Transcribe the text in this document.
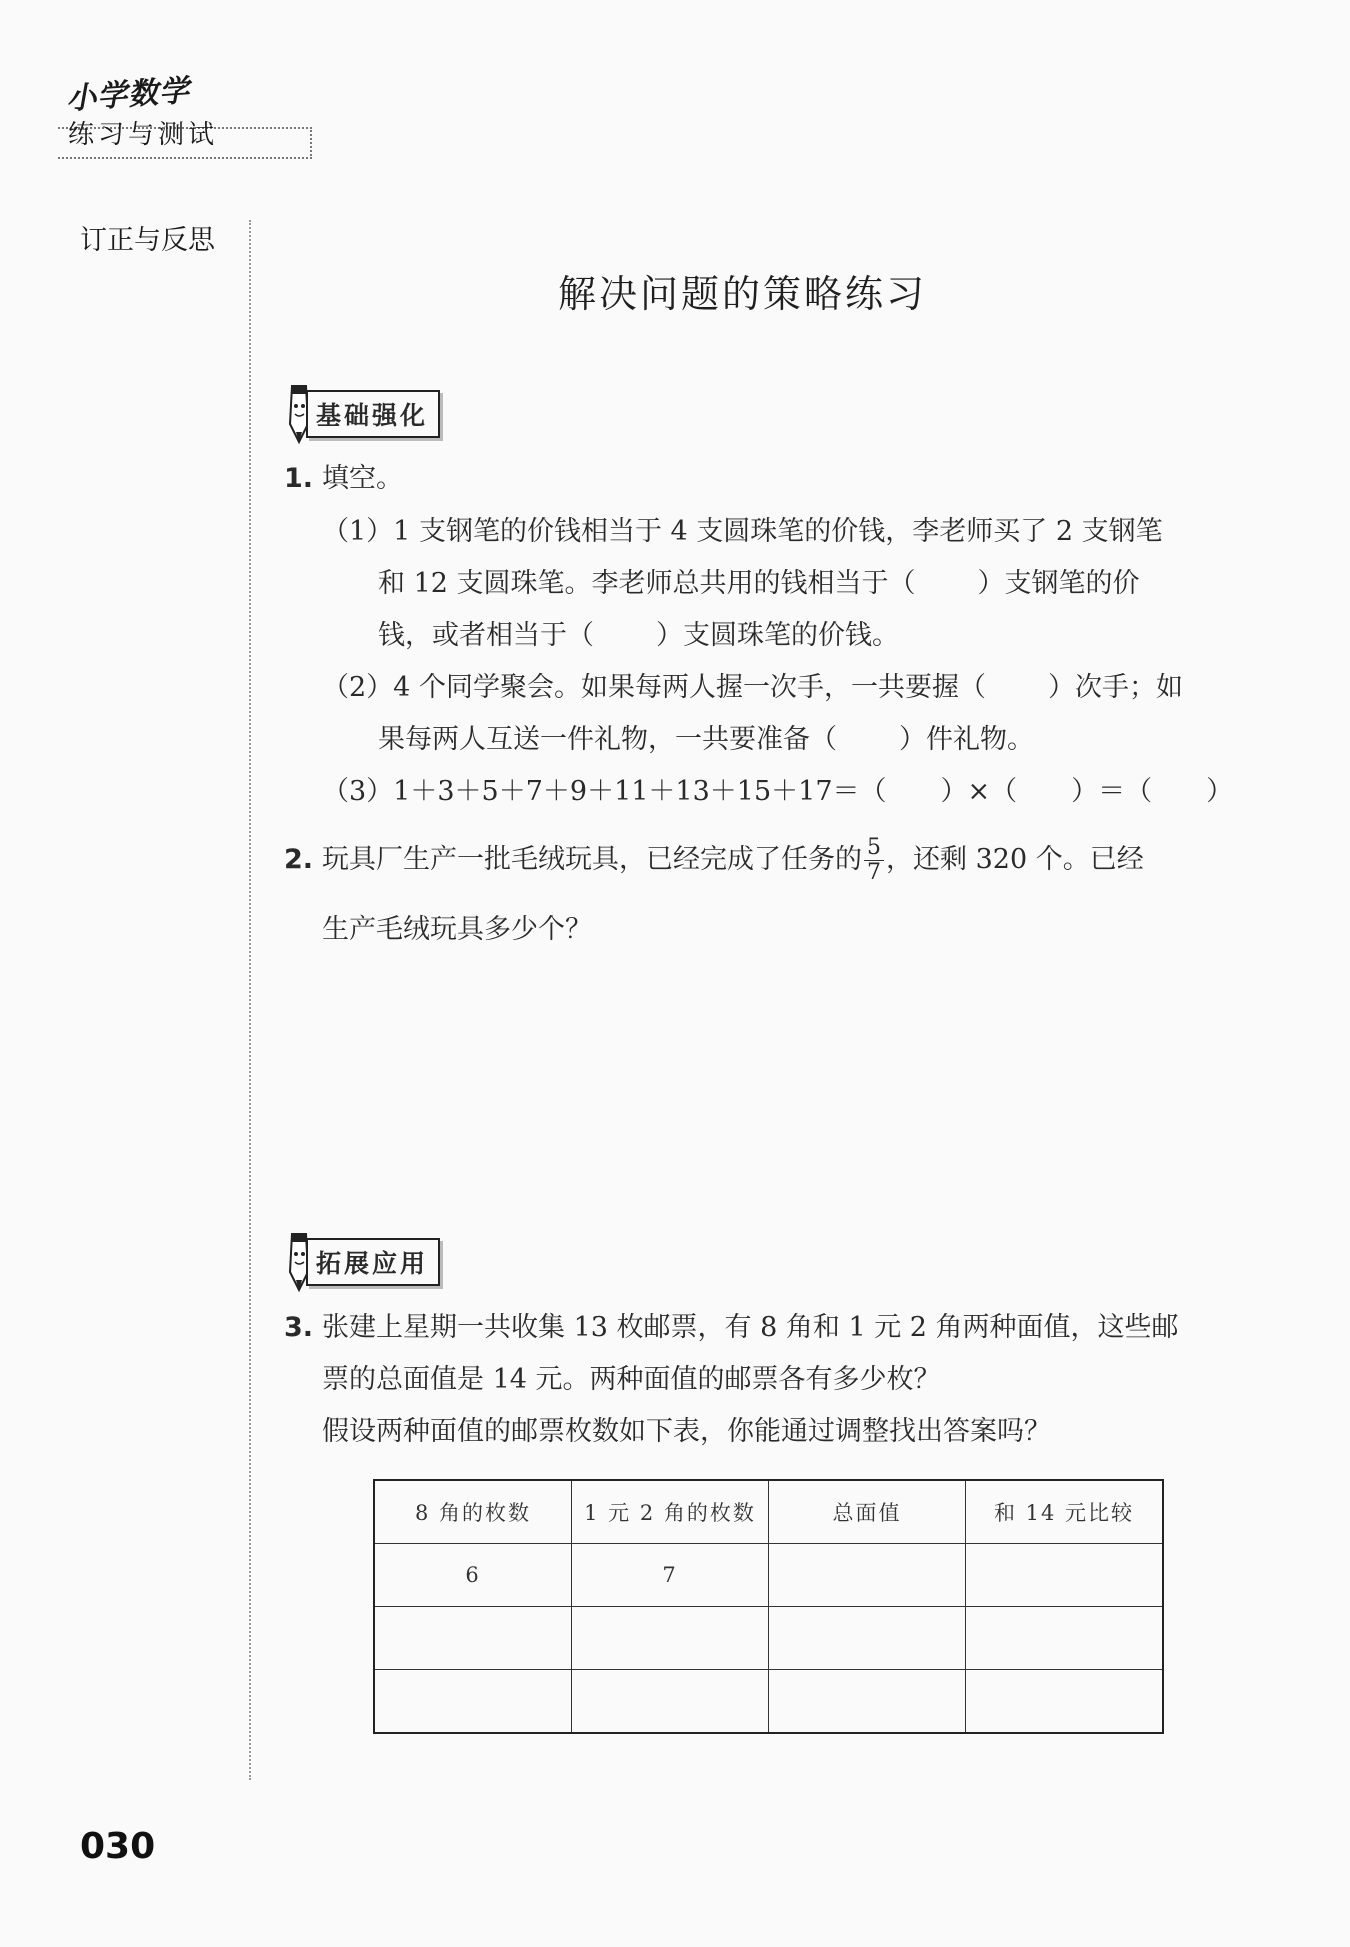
小学数学
练习与测试
订正与反思
解决问题的策略练习
基础强化
1. 填空。
（1）1 支钢笔的价钱相当于 4 支圆珠笔的价钱，李老师买了 2 支钢笔
和 12 支圆珠笔。李老师总共用的钱相当于（ ）支钢笔的价
钱，或者相当于（ ）支圆珠笔的价钱。
（2）4 个同学聚会。如果每两人握一次手，一共要握（ ）次手；如
果每两人互送一件礼物，一共要准备（ ）件礼物。
（3）1＋3＋5＋7＋9＋11＋13＋15＋17＝（ ）×（ ）＝（ ）
2. 玩具厂生产一批毛绒玩具，已经完成了任务的 $\frac{5}{7}$ ，还剩 320 个。已经
生产毛绒玩具多少个？
拓展应用
3. 张建上星期一共收集 13 枚邮票，有 8 角和 1 元 2 角两种面值，这些邮
票的总面值是 14 元。两种面值的邮票各有多少枚？
假设两种面值的邮票枚数如下表，你能通过调整找出答案吗？
8 角的枚数	1 元 2 角的枚数	总面值	和 14 元比较
6	7		

030
